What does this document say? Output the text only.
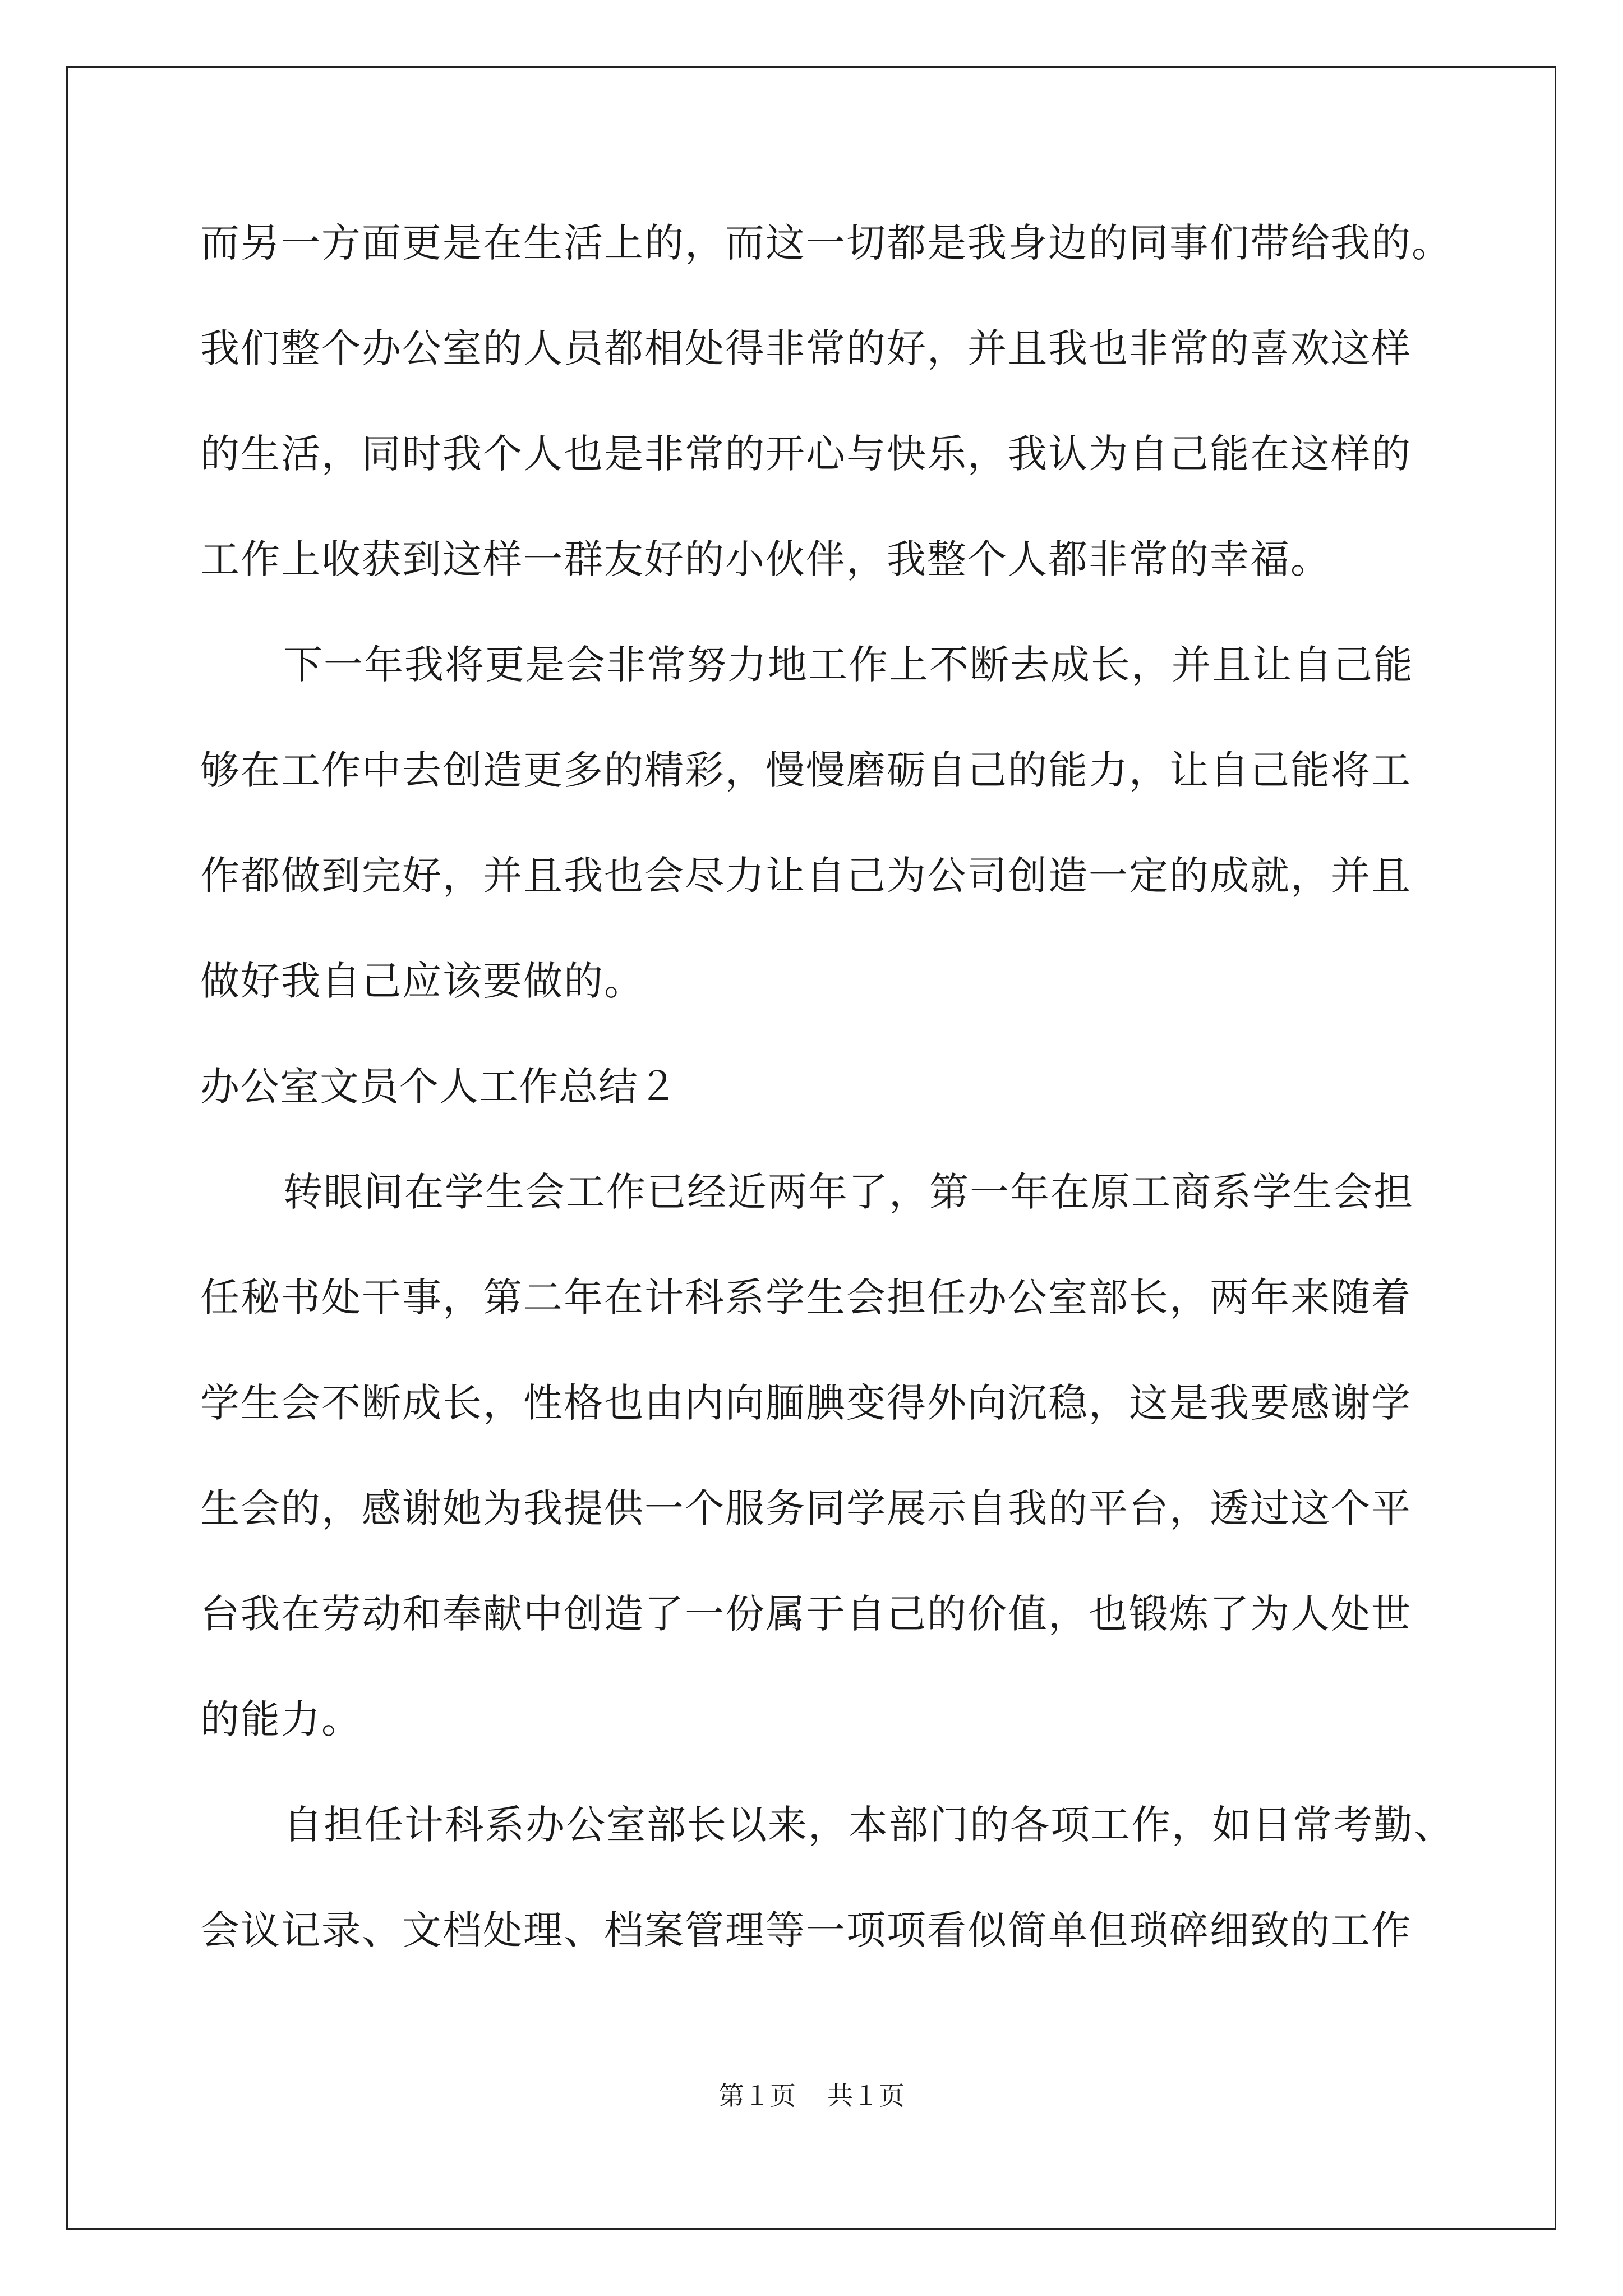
而另一方面更是在生活上的，而这一切都是我身边的同事们带给我的。
我们整个办公室的人员都相处得非常的好，并且我也非常的喜欢这样
的生活，同时我个人也是非常的开心与快乐，我认为自己能在这样的
工作上收获到这样一群友好的小伙伴，我整个人都非常的幸福。
下一年我将更是会非常努力地工作上不断去成长，并且让自己能
够在工作中去创造更多的精彩，慢慢磨砺自己的能力，让自己能将工
作都做到完好，并且我也会尽力让自己为公司创造一定的成就，并且
做好我自己应该要做的。
办公室文员个人工作总结２
转眼间在学生会工作已经近两年了，第一年在原工商系学生会担
任秘书处干事，第二年在计科系学生会担任办公室部长，两年来随着
学生会不断成长，性格也由内向腼腆变得外向沉稳，这是我要感谢学
生会的，感谢她为我提供一个服务同学展示自我的平台，透过这个平
台我在劳动和奉献中创造了一份属于自己的价值，也锻炼了为人处世
的能力。
自担任计科系办公室部长以来，本部门的各项工作，如日常考勤、
会议记录、文档处理、档案管理等一项项看似简单但琐碎细致的工作
第１页 共１页
